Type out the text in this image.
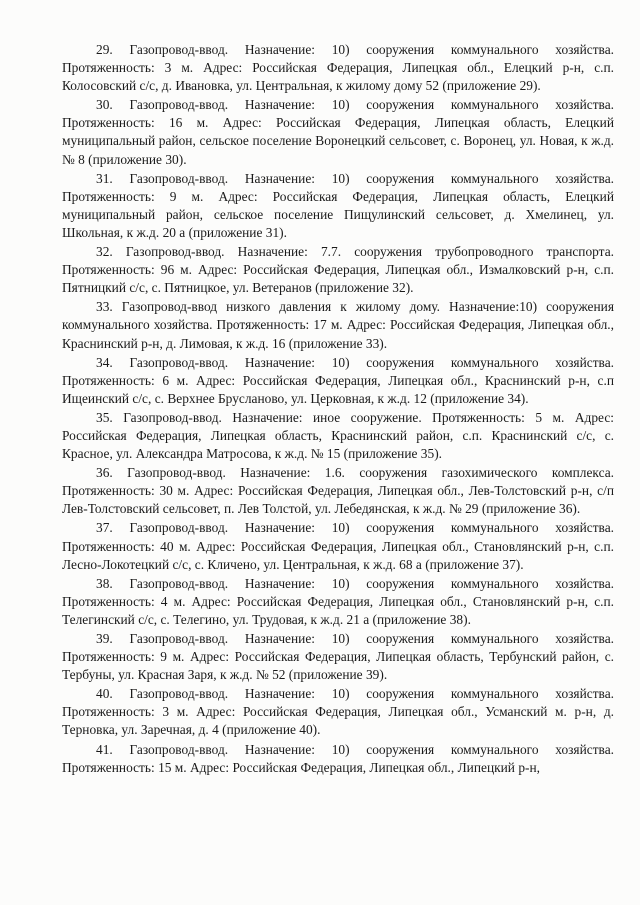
29. Газопровод-ввод. Назначение: 10) сооружения коммунального хозяйства. Протяженность: 3 м. Адрес: Российская Федерация, Липецкая обл., Елецкий р-н, с.п. Колосовский с/с, д. Ивановка, ул. Центральная, к жилому дому 52 (приложение 29).

30. Газопровод-ввод. Назначение: 10) сооружения коммунального хозяйства. Протяженность: 16 м. Адрес: Российская Федерация, Липецкая область, Елецкий муниципальный район, сельское поселение Воронецкий сельсовет, с. Воронец, ул. Новая, к ж.д. № 8 (приложение 30).

31. Газопровод-ввод. Назначение: 10) сооружения коммунального хозяйства. Протяженность: 9 м. Адрес: Российская Федерация, Липецкая область, Елецкий муниципальный район, сельское поселение Пищулинский сельсовет, д. Хмелинец, ул. Школьная, к ж.д. 20 а (приложение 31).

32. Газопровод-ввод. Назначение: 7.7. сооружения трубопроводного транспорта. Протяженность: 96 м. Адрес: Российская Федерация, Липецкая обл., Измалковский р-н, с.п. Пятницкий с/с, с. Пятницкое, ул. Ветеранов (приложение 32).

33. Газопровод-ввод низкого давления к жилому дому. Назначение:10) сооружения коммунального хозяйства. Протяженность: 17 м. Адрес: Российская Федерация, Липецкая обл., Краснинский р-н, д. Лимовая, к ж.д. 16 (приложение 33).

34. Газопровод-ввод. Назначение: 10) сооружения коммунального хозяйства. Протяженность: 6 м. Адрес: Российская Федерация, Липецкая обл., Краснинский р-н, с.п Ищеинский с/с, с. Верхнее Брусланово, ул. Церковная, к ж.д. 12 (приложение 34).

35. Газопровод-ввод. Назначение: иное сооружение. Протяженность: 5 м. Адрес: Российская Федерация, Липецкая область, Краснинский район, с.п. Краснинский с/с, с. Красное, ул. Александра Матросова, к ж.д. № 15 (приложение 35).

36. Газопровод-ввод. Назначение: 1.6. сооружения газохимического комплекса. Протяженность: 30 м. Адрес: Российская Федерация, Липецкая обл., Лев-Толстовский р-н, с/п Лев-Толстовский сельсовет, п. Лев Толстой, ул. Лебедянская, к ж.д. № 29 (приложение 36).

37. Газопровод-ввод. Назначение: 10) сооружения коммунального хозяйства. Протяженность: 40 м. Адрес: Российская Федерация, Липецкая обл., Становлянский р-н, с.п. Лесно-Локотецкий с/с, с. Кличено, ул. Центральная, к ж.д. 68 а (приложение 37).

38. Газопровод-ввод. Назначение: 10) сооружения коммунального хозяйства. Протяженность: 4 м. Адрес: Российская Федерация, Липецкая обл., Становлянский р-н, с.п. Телегинский с/с, с. Телегино, ул. Трудовая, к ж.д. 21 а (приложение 38).

39. Газопровод-ввод. Назначение: 10) сооружения коммунального хозяйства. Протяженность: 9 м. Адрес: Российская Федерация, Липецкая область, Тербунский район, с. Тербуны, ул. Красная Заря, к ж.д. № 52 (приложение 39).

40. Газопровод-ввод. Назначение: 10) сооружения коммунального хозяйства. Протяженность: 3 м. Адрес: Российская Федерация, Липецкая обл., Усманский м. р-н, д. Терновка, ул. Заречная, д. 4 (приложение 40).

41. Газопровод-ввод. Назначение: 10) сооружения коммунального хозяйства. Протяженность: 15 м. Адрес: Российская Федерация, Липецкая обл., Липецкий р-н,
